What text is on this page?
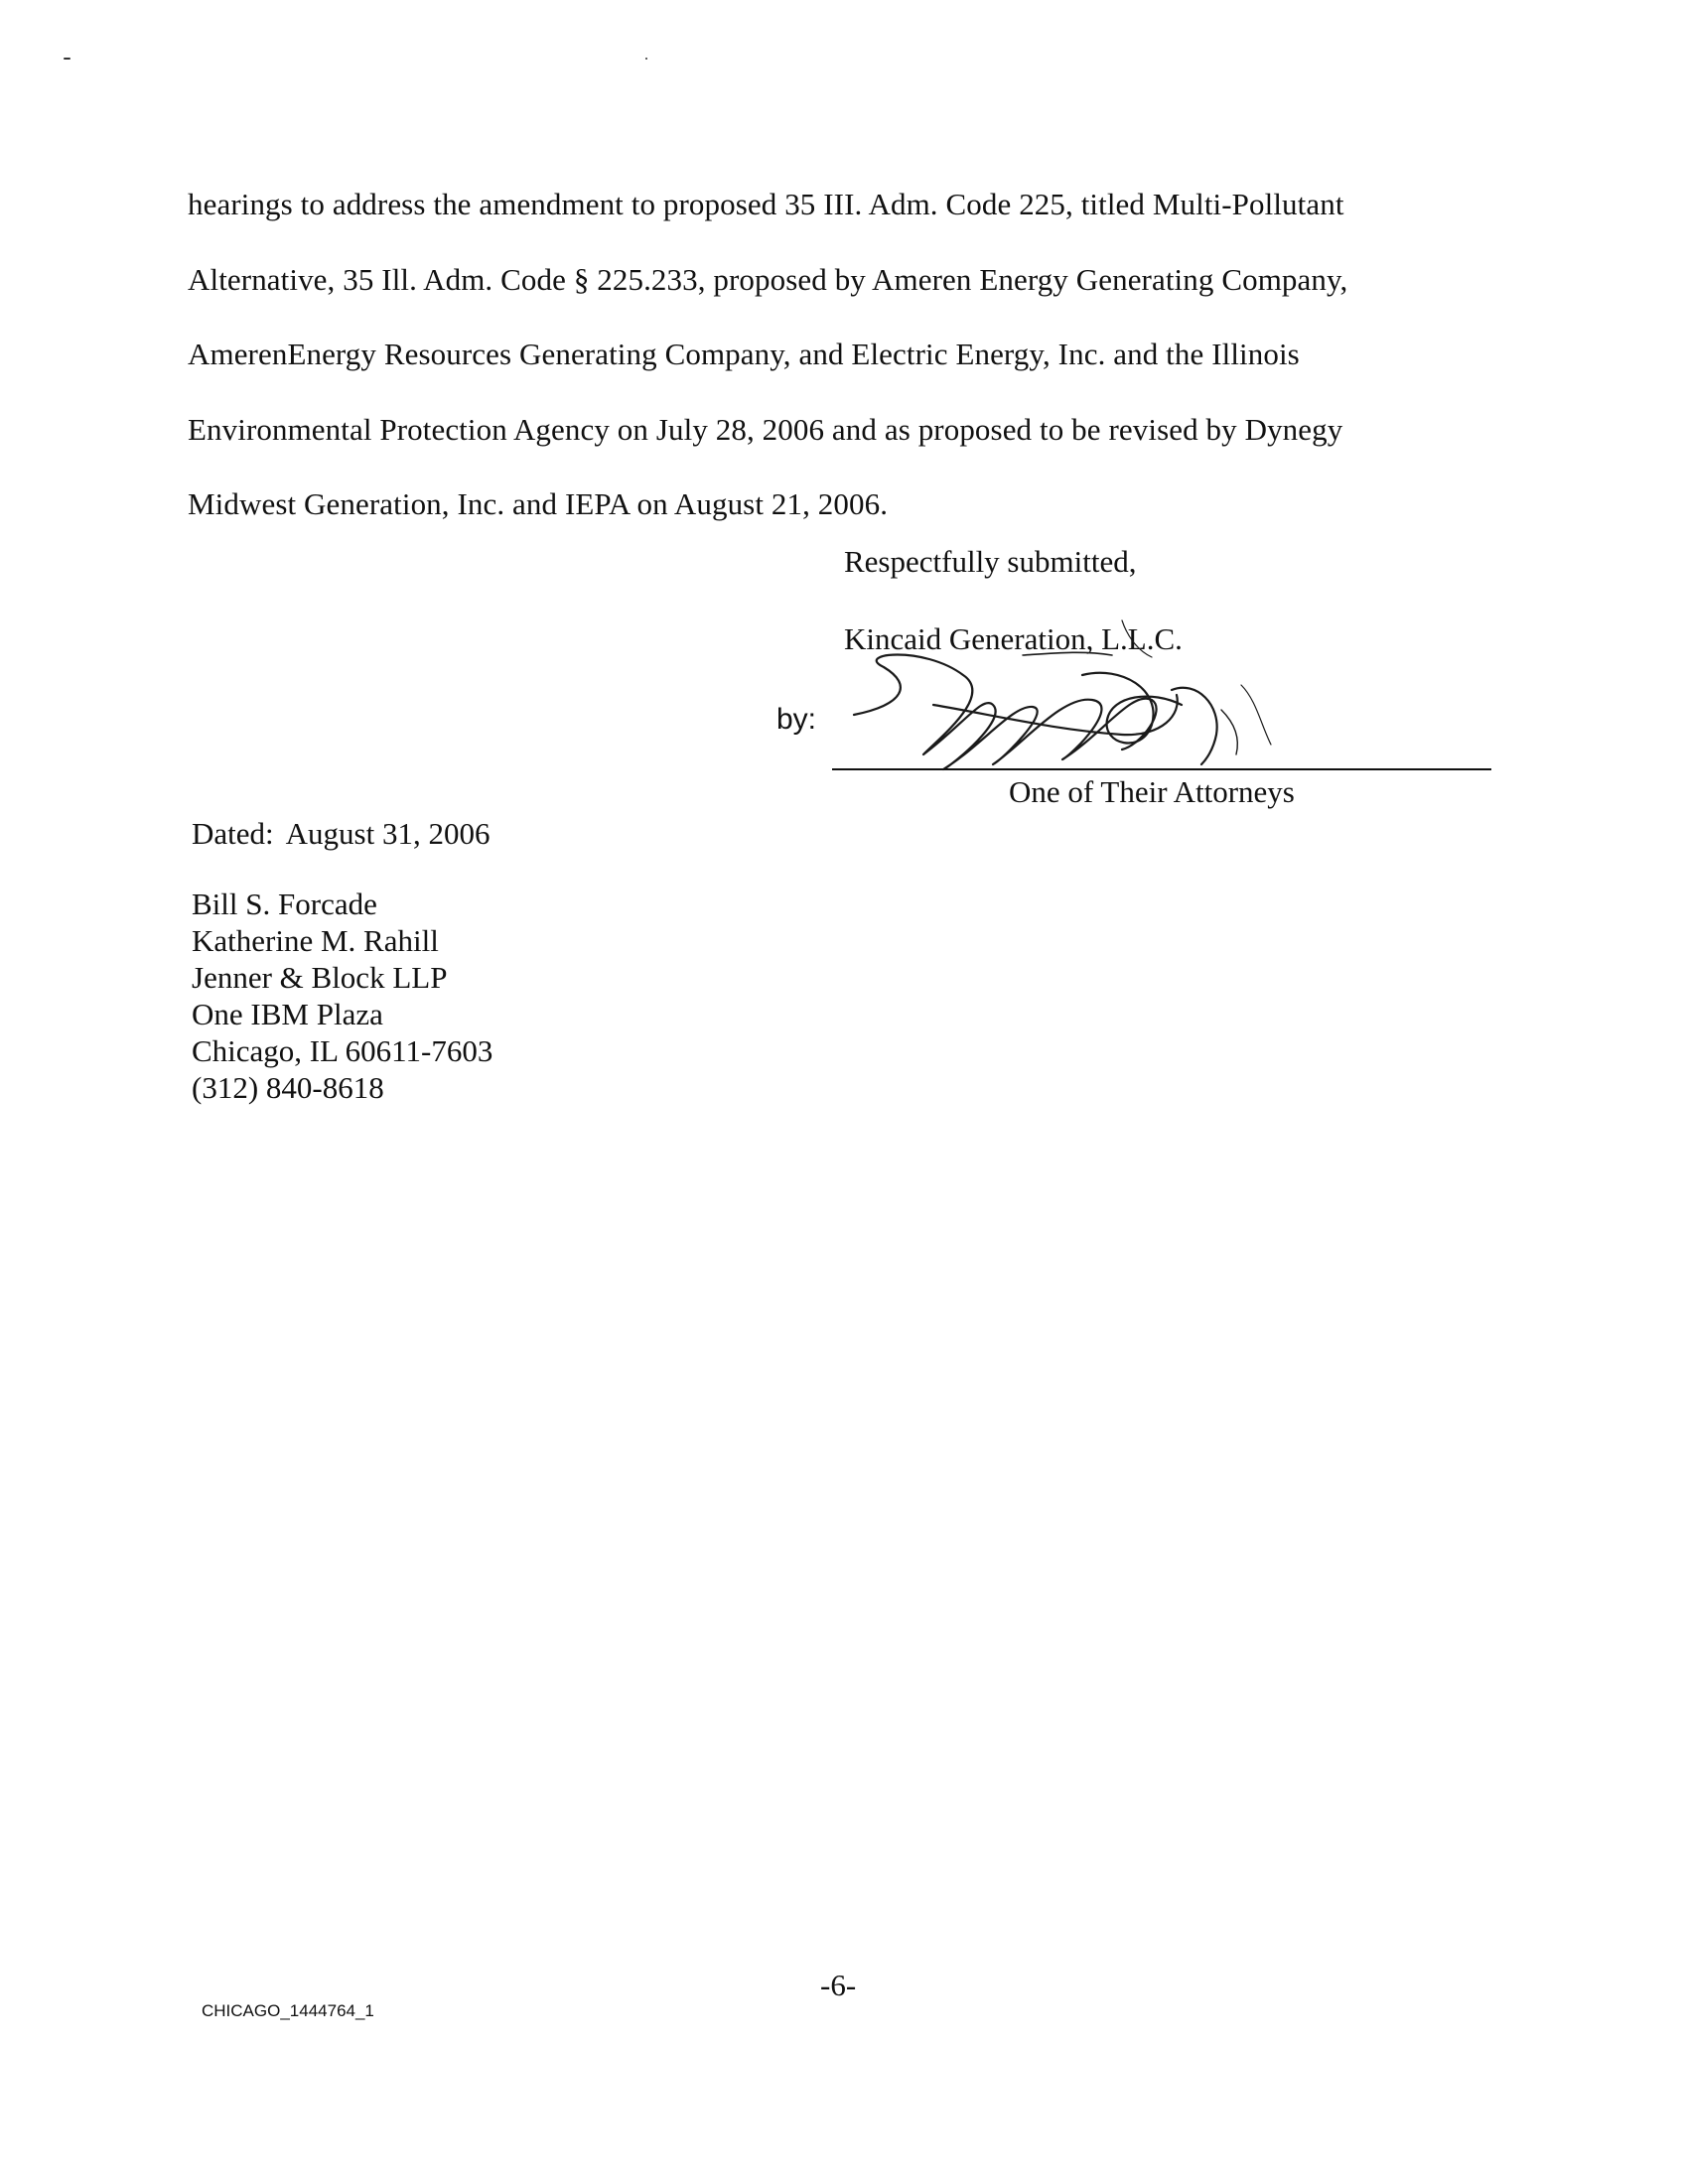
hearings to address the amendment to proposed 35 III. Adm. Code 225, titled Multi-Pollutant
Alternative, 35 Ill. Adm. Code § 225.233, proposed by Ameren Energy Generating Company,
AmerenEnergy Resources Generating Company, and Electric Energy, Inc. and the Illinois
Environmental Protection Agency on July 28, 2006 and as proposed to be revised by Dynegy
Midwest Generation, Inc. and IEPA on August 21, 2006.
Respectfully submitted,
Kincaid Generation, L.L.C.
by:
One of Their Attorneys
Dated: August 31, 2006
Bill S. Forcade
Katherine M. Rahill
Jenner & Block LLP
One IBM Plaza
Chicago, IL 60611-7603
(312) 840-8618
-6-
CHICAGO_1444764_1
